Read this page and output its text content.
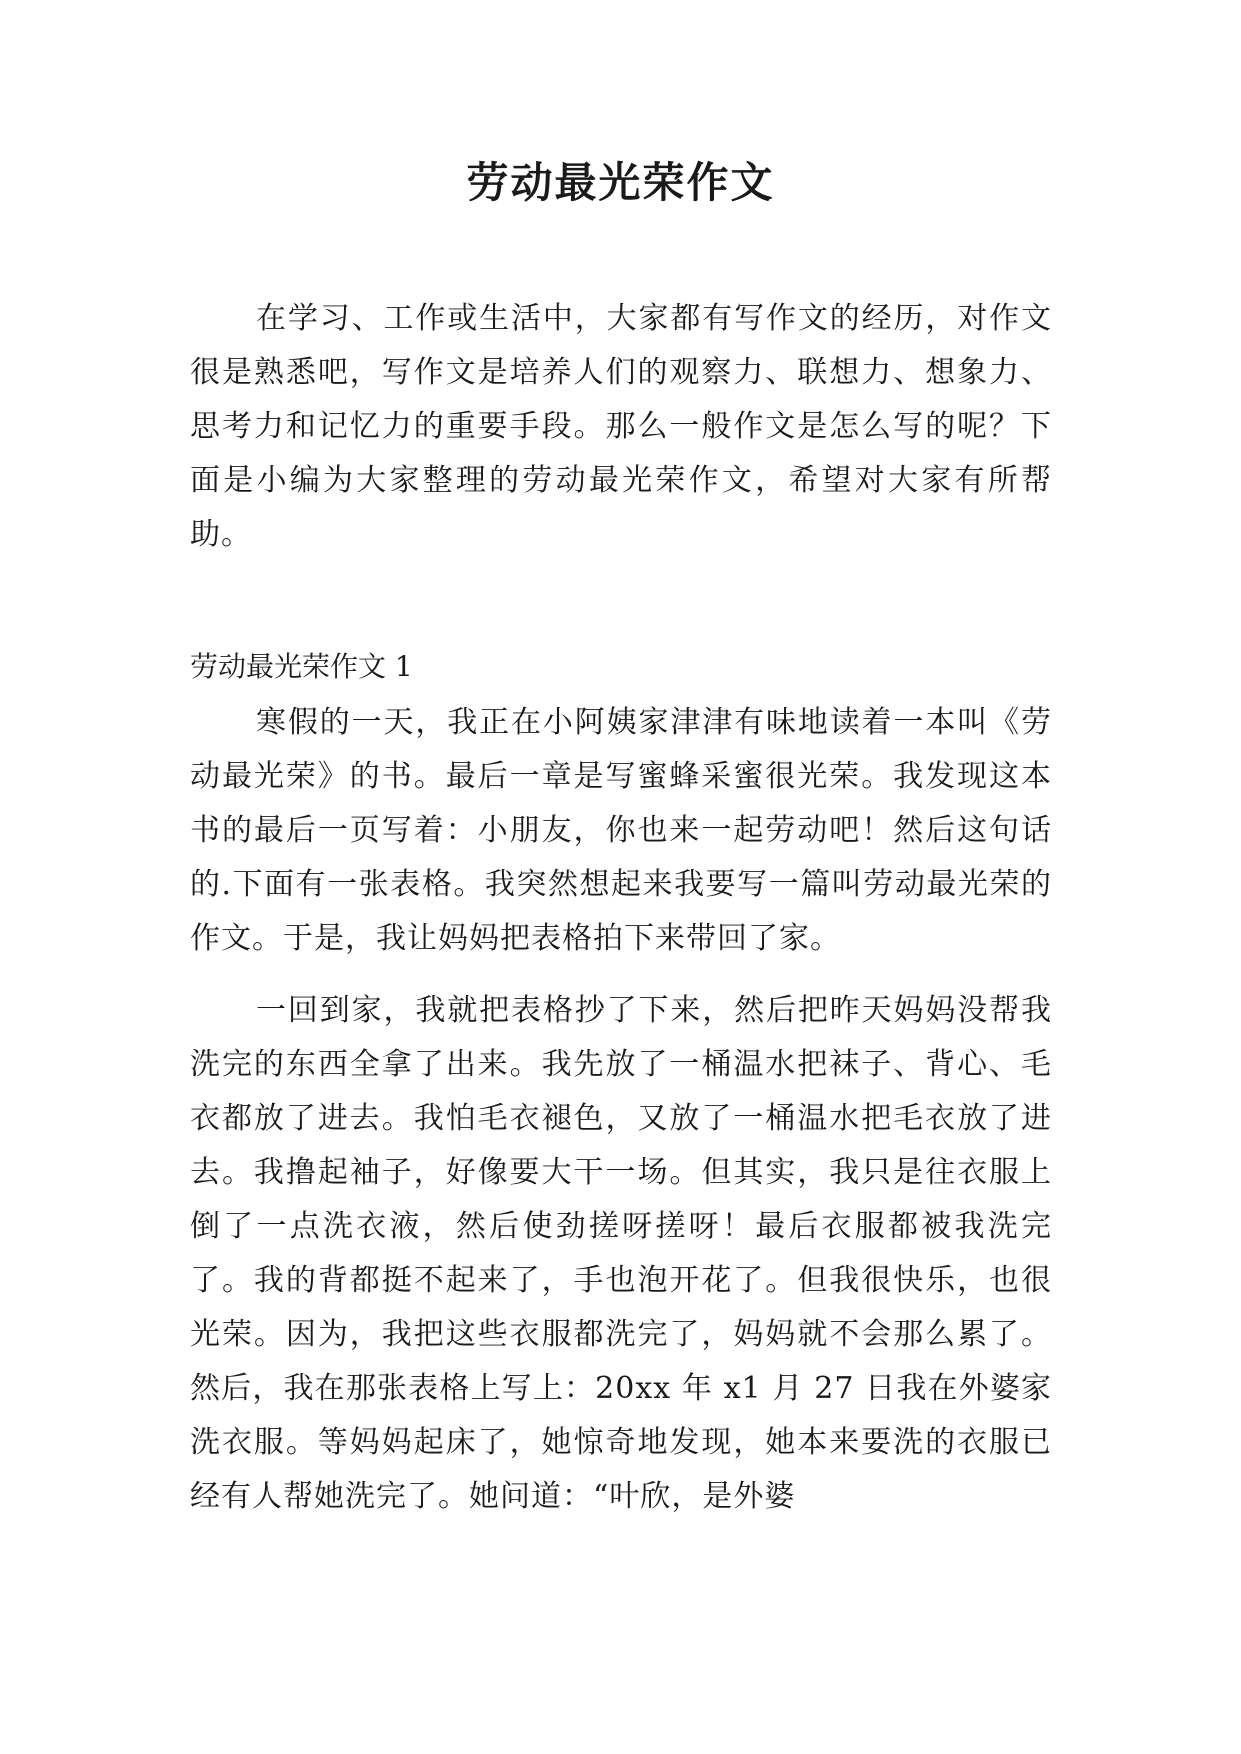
劳动最光荣作文

在学习、工作或生活中，大家都有写作文的经历，对作文很是熟悉吧，写作文是培养人们的观察力、联想力、想象力、思考力和记忆力的重要手段。那么一般作文是怎么写的呢？下面是小编为大家整理的劳动最光荣作文，希望对大家有所帮助。

劳动最光荣作文 1

寒假的一天，我正在小阿姨家津津有味地读着一本叫《劳动最光荣》的书。最后一章是写蜜蜂采蜜很光荣。我发现这本书的最后一页写着：小朋友，你也来一起劳动吧！然后这句话的.下面有一张表格。我突然想起来我要写一篇叫劳动最光荣的作文。于是，我让妈妈把表格拍下来带回了家。

一回到家，我就把表格抄了下来，然后把昨天妈妈没帮我洗完的东西全拿了出来。我先放了一桶温水把袜子、背心、毛衣都放了进去。我怕毛衣褪色，又放了一桶温水把毛衣放了进去。我撸起袖子，好像要大干一场。但其实，我只是往衣服上倒了一点洗衣液，然后使劲搓呀搓呀！最后衣服都被我洗完了。我的背都挺不起来了，手也泡开花了。但我很快乐，也很光荣。因为，我把这些衣服都洗完了，妈妈就不会那么累了。然后，我在那张表格上写上：20xx 年 x1 月 27 日我在外婆家洗衣服。等妈妈起床了，她惊奇地发现，她本来要洗的衣服已经有人帮她洗完了。她问道：“叶欣，是外婆
